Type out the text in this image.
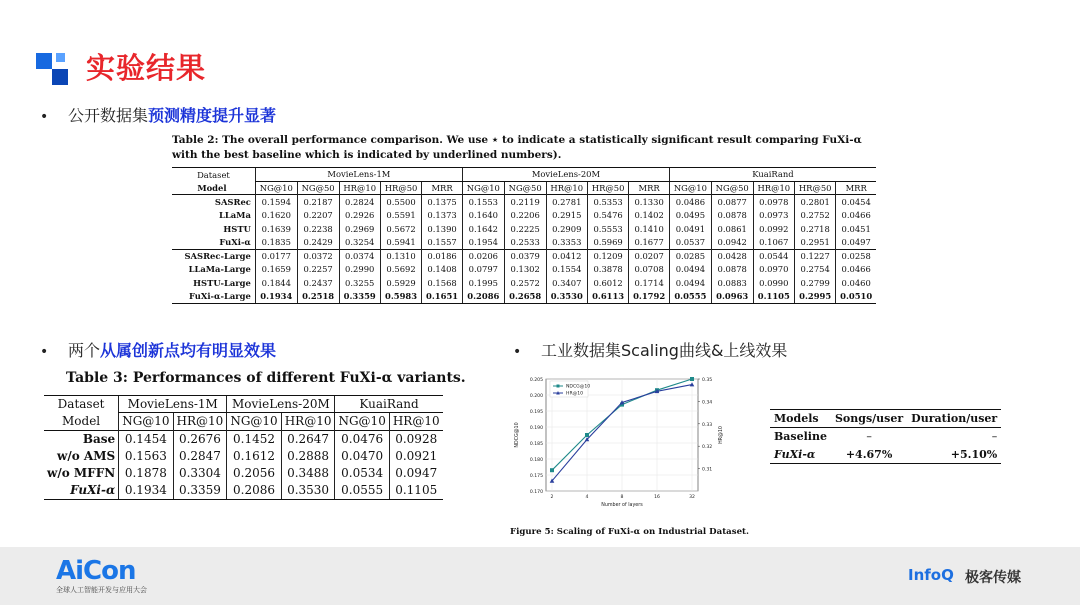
实验结果
• 公开数据集预测精度提升显著
Table 2: The overall performance comparison. We use ⋆ to indicate a statistically significant result comparing FuXi-α with the best baseline which is indicated by underlined numbers).
Dataset	MovieLens-1M					MovieLens-20M					KuaiRand				
Model	NG@10	NG@50	HR@10	HR@50	MRR	NG@10	NG@50	HR@10	HR@50	MRR	NG@10	NG@50	HR@10	HR@50	MRR
SASRec	0.1594	0.2187	0.2824	0.5500	0.1375	0.1553	0.2119	0.2781	0.5353	0.1330	0.0486	0.0877	0.0978	0.2801	0.0454
LLaMa	0.1620	0.2207	0.2926	0.5591	0.1373	0.1640	0.2206	0.2915	0.5476	0.1402	0.0495	0.0878	0.0973	0.2752	0.0466
HSTU	0.1639	0.2238	0.2969	0.5672	0.1390	0.1642	0.2225	0.2909	0.5553	0.1410	0.0491	0.0861	0.0992	0.2718	0.0451
FuXi-α	0.1835	0.2429	0.3254	0.5941	0.1557	0.1954	0.2533	0.3353	0.5969	0.1677	0.0537	0.0942	0.1067	0.2951	0.0497
SASRec-Large	0.0177	0.0372	0.0374	0.1310	0.0186	0.0206	0.0379	0.0412	0.1209	0.0207	0.0285	0.0428	0.0544	0.1227	0.0258
LLaMa-Large	0.1659	0.2257	0.2990	0.5692	0.1408	0.0797	0.1302	0.1554	0.3878	0.0708	0.0494	0.0878	0.0970	0.2754	0.0466
HSTU-Large	0.1844	0.2437	0.3255	0.5929	0.1568	0.1995	0.2572	0.3407	0.6012	0.1714	0.0494	0.0883	0.0990	0.2799	0.0460
FuXi-α-Large	0.1934	0.2518	0.3359	0.5983	0.1651	0.2086	0.2658	0.3530	0.6113	0.1792	0.0555	0.0963	0.1105	0.2995	0.0510
• 两个从属创新点均有明显效果	• 工业数据集Scaling曲线&上线效果
Table 3: Performances of different FuXi-α variants.
Dataset	MovieLens-1M		MovieLens-20M		KuaiRand	
Model	NG@10	HR@10	NG@10	HR@10	NG@10	HR@10
Base	0.1454	0.2676	0.1452	0.2647	0.0476	0.0928
w/o AMS	0.1563	0.2847	0.1612	0.2888	0.0470	0.0921
w/o MFFN	0.1878	0.3304	0.2056	0.3488	0.0534	0.0947
FuXi-α	0.1934	0.3359	0.2086	0.3530	0.0555	0.1105	0.170
0.175
0.180
0.185
0.190
0.195
0.200
0.205
0.31
0.32
0.33
0.34
0.35
2	4	8	16	32
Number of layers
NDCG@10	HR@10
NDCG@10
HR@10
Figure 5: Scaling of FuXi-α on Industrial Dataset.
Models	Songs/user	Duration/user
Baseline	–	–
FuXi-α	+4.67%	+5.10%
AiCon
全球人工智能开发与应用大会
InfoQ 极客传媒
